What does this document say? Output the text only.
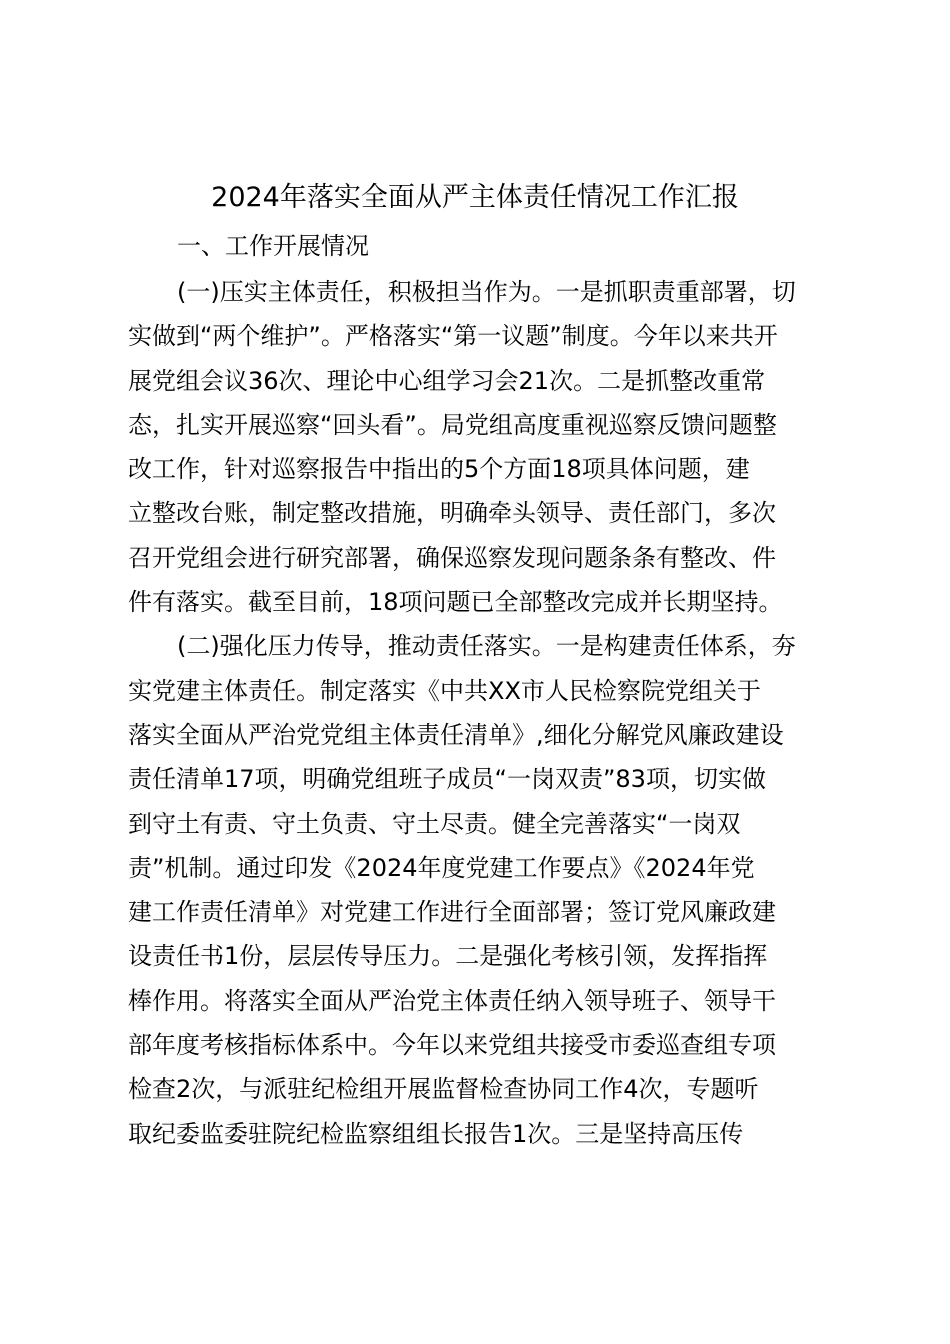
2024年落实全面从严主体责任情况工作汇报
一、工作开展情况
(一)压实主体责任，积极担当作为。一是抓职责重部署，切
实做到“两个维护”。严格落实“第一议题”制度。今年以来共开
展党组会议36次、理论中心组学习会21次。二是抓整改重常
态，扎实开展巡察“回头看”。局党组高度重视巡察反馈问题整
改工作，针对巡察报告中指出的5个方面18项具体问题，建
立整改台账，制定整改措施，明确牵头领导、责任部门，多次
召开党组会进行研究部署，确保巡察发现问题条条有整改、件
件有落实。截至目前，18项问题已全部整改完成并长期坚持。
(二)强化压力传导，推动责任落实。一是构建责任体系，夯
实党建主体责任。制定落实《中共XX市人民检察院党组关于
落实全面从严治党党组主体责任清单》,细化分解党风廉政建设
责任清单17项，明确党组班子成员“一岗双责”83项，切实做
到守土有责、守土负责、守土尽责。健全完善落实“一岗双
责”机制。通过印发《2024年度党建工作要点》《2024年党
建工作责任清单》对党建工作进行全面部署；签订党风廉政建
设责任书1份，层层传导压力。二是强化考核引领，发挥指挥
棒作用。将落实全面从严治党主体责任纳入领导班子、领导干
部年度考核指标体系中。今年以来党组共接受市委巡查组专项
检查2次，与派驻纪检组开展监督检查协同工作4次，专题听
取纪委监委驻院纪检监察组组长报告1次。三是坚持高压传
